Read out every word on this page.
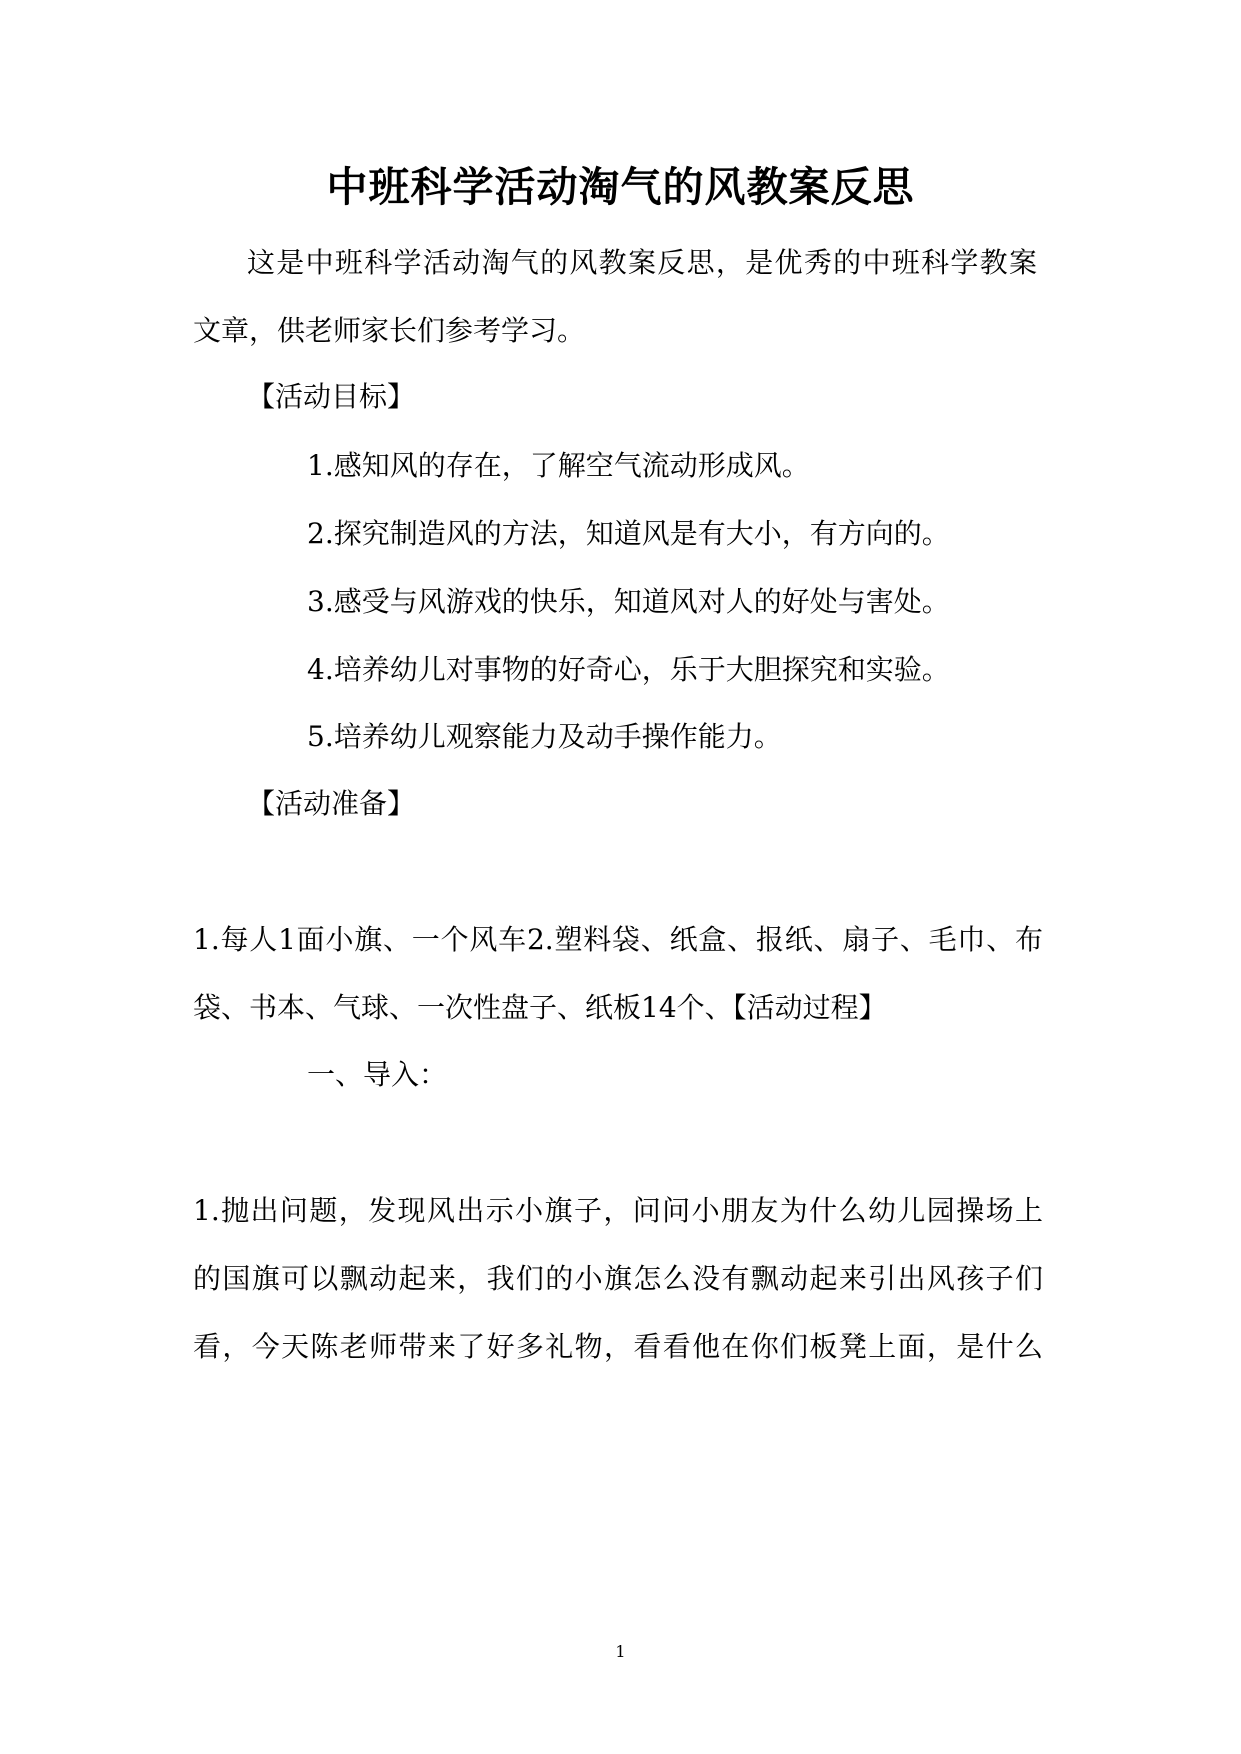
中班科学活动淘气的风教案反思
这是中班科学活动淘气的风教案反思，是优秀的中班科学教案
文章，供老师家长们参考学习。
【活动目标】
1.感知风的存在，了解空气流动形成风。
2.探究制造风的方法，知道风是有大小，有方向的。
3.感受与风游戏的快乐，知道风对人的好处与害处。
4.培养幼儿对事物的好奇心，乐于大胆探究和实验。
5.培养幼儿观察能力及动手操作能力。
【活动准备】
1.每人1面小旗、一个风车2.塑料袋、纸盒、报纸、扇子、毛巾、布
袋、书本、气球、一次性盘子、纸板14个、【活动过程】
一、导入：
1.抛出问题，发现风出示小旗子，问问小朋友为什么幼儿园操场上
的国旗可以飘动起来，我们的小旗怎么没有飘动起来引出风孩子们
看，今天陈老师带来了好多礼物，看看他在你们板凳上面，是什么
1
